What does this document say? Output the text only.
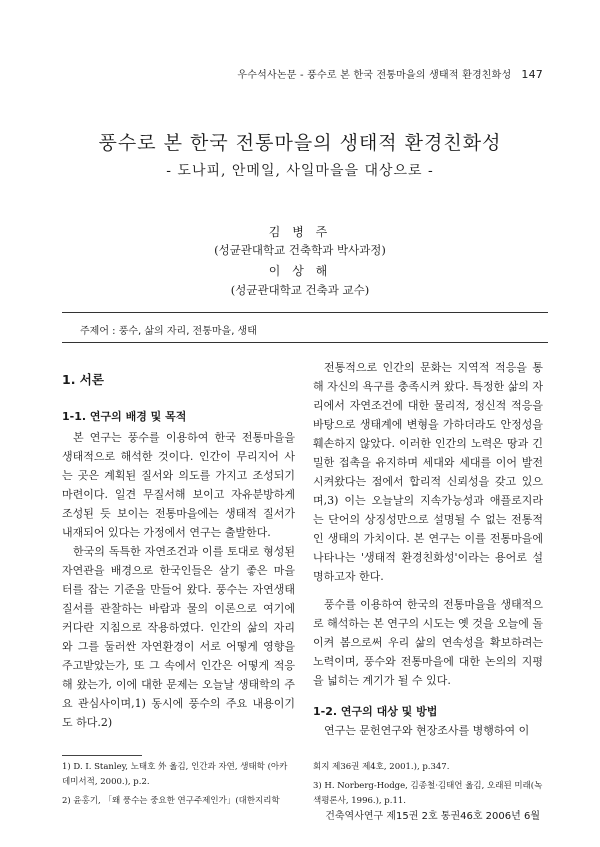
우수석사논문 - 풍수로 본 한국 전통마을의 생태적 환경친화성 147
풍수로 본 한국 전통마을의 생태적 환경친화성
- 도나피, 안메일, 사일마을을 대상으로 -
김 병 주
(성균관대학교 건축학과 박사과정)
이 상 해
(성균관대학교 건축과 교수)
주제어 : 풍수, 삶의 자리, 전통마을, 생태
1. 서론
1-1. 연구의 배경 및 목적

본 연구는 풍수를 이용하여 한국 전통마을을 생태적으로 해석한 것이다. 인간이 무리지어 사는 곳은 계획된 질서와 의도를 가지고 조성되기 마련이다. 일견 무질서해 보이고 자유분방하게 조성된 듯 보이는 전통마을에는 생태적 질서가 내재되어 있다는 가정에서 연구는 출발한다.

한국의 독특한 자연조건과 이를 토대로 형성된 자연관을 배경으로 한국인들은 살기 좋은 마을 터를 잡는 기준을 만들어 왔다. 풍수는 자연생태 질서를 관찰하는 바람과 물의 이론으로 여기에 커다란 지침으로 작용하였다. 인간의 삶의 자리와 그를 둘러싼 자연환경이 서로 어떻게 영향을 주고받았는가, 또 그 속에서 인간은 어떻게 적응해 왔는가, 이에 대한 문제는 오늘날 생태학의 주요 관심사이며,1) 동시에 풍수의 주요 내용이기도 하다.2)

전통적으로 인간의 문화는 지역적 적응을 통해 자신의 욕구를 충족시켜 왔다. 특정한 삶의 자리에서 자연조건에 대한 물리적, 정신적 적응을 바탕으로 생태계에 변형을 가하더라도 안정성을 훼손하지 않았다. 이러한 인간의 노력은 땅과 긴밀한 접촉을 유지하며 세대와 세대를 이어 발전시켜왔다는 점에서 합리적 신뢰성을 갖고 있으며,3) 이는 오늘날의 지속가능성과 애플로지라는 단어의 상징성만으로 설명될 수 없는 전통적인 생태의 가치이다. 본 연구는 이를 전통마을에 나타나는 '생태적 환경친화성'이라는 용어로 설명하고자 한다.

풍수를 이용하여 한국의 전통마을을 생태적으로 해석하는 본 연구의 시도는 옛 것을 오늘에 돌이켜 봄으로써 우리 삶의 연속성을 확보하려는 노력이며, 풍수와 전통마을에 대한 논의의 지평을 넓히는 계기가 될 수 있다.

1-2. 연구의 대상 및 방법

연구는 문헌연구와 현장조사를 병행하여 이

1) D. I. Stanley, 노태호 外 옮김, 인간과 자연, 생태학 (아카데미서적, 2000.), p.2.
2) 윤홍기, 「왜 풍수는 중요한 연구주제인가」(대한지리학
회지 제36권 제4호, 2001.), p.347.
3) H. Norberg-Hodge, 김종철·김태언 옮김, 오래된 미래(녹색평론사, 1996.), p.11.
건축역사연구 제15권 2호 통권46호 2006년 6월
